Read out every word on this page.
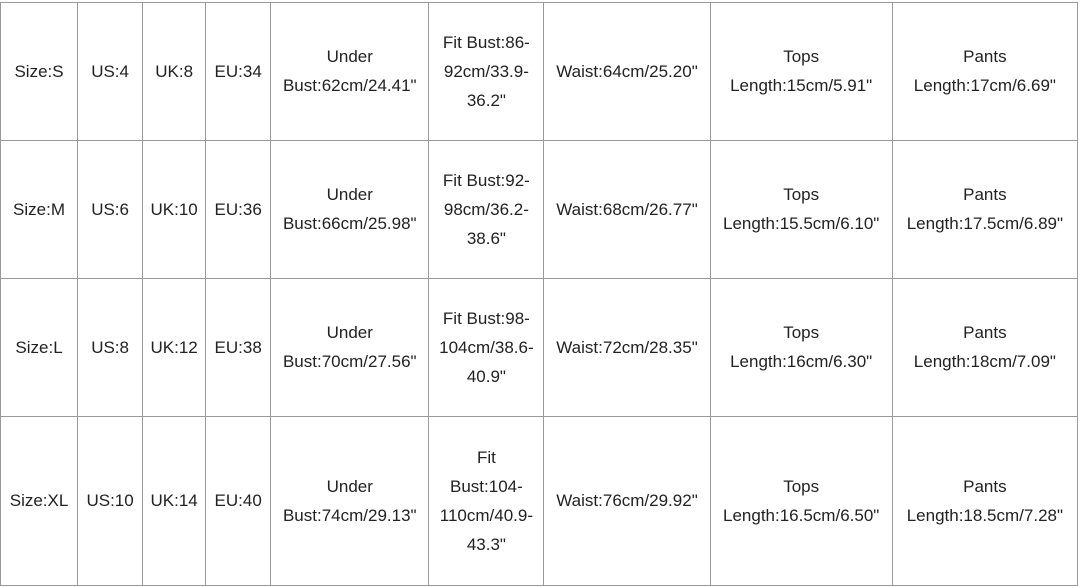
Size:S	US:4	UK:8	EU:34	Under
Bust:62cm/24.41"	Fit Bust:86-
92cm/33.9-
36.2"	Waist:64cm/25.20"	Tops
Length:15cm/5.91"	Pants
Length:17cm/6.69"

Size:M	US:6	UK:10	EU:36	Under
Bust:66cm/25.98"	Fit Bust:92-
98cm/36.2-
38.6"	Waist:68cm/26.77"	Tops
Length:15.5cm/6.10"	Pants
Length:17.5cm/6.89"

Size:L	US:8	UK:12	EU:38	Under
Bust:70cm/27.56"	Fit Bust:98-
104cm/38.6-
40.9"	Waist:72cm/28.35"	Tops
Length:16cm/6.30"	Pants
Length:18cm/7.09"

Size:XL	US:10	UK:14	EU:40	Under
Bust:74cm/29.13"	Fit
Bust:104-
110cm/40.9-
43.3"	Waist:76cm/29.92"	Tops
Length:16.5cm/6.50"	Pants
Length:18.5cm/7.28"
